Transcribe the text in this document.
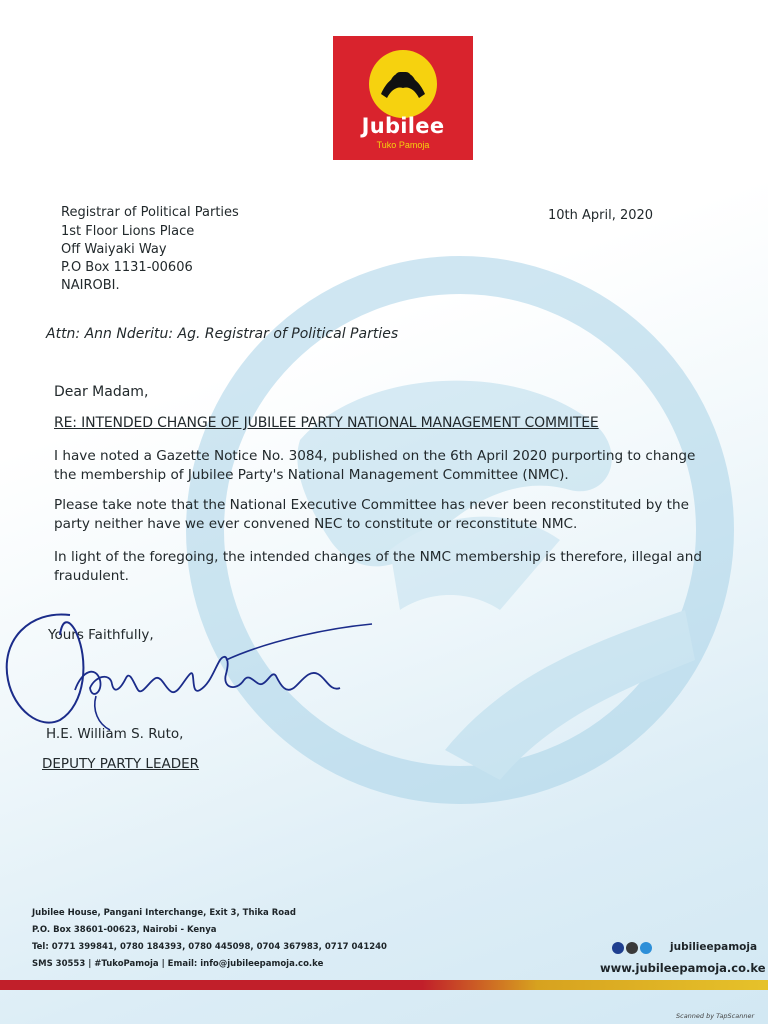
Jubilee
Tuko Pamoja
Registrar of Political Parties
1st Floor Lions Place
Off Waiyaki Way
P.O Box 1131-00606
NAIROBI.
10th April, 2020
Attn: Ann Nderitu: Ag. Registrar of Political Parties
Dear Madam,
RE: INTENDED CHANGE OF JUBILEE PARTY NATIONAL MANAGEMENT COMMITEE
I have noted a Gazette Notice No. 3084, published on the 6th April 2020 purporting to change the membership of Jubilee Party's National Management Committee (NMC).
Please take note that the National Executive Committee has never been reconstituted by the party neither have we ever convened NEC to constitute or reconstitute NMC.
In light of the foregoing, the intended changes of the NMC membership is therefore, illegal and fraudulent.
Yours Faithfully,
H.E. William S. Ruto,
DEPUTY PARTY LEADER
Jubilee House, Pangani Interchange, Exit 3, Thika Road
P.O. Box 38601-00623, Nairobi - Kenya
Tel: 0771 399841, 0780 184393, 0780 445098, 0704 367983, 0717 041240
SMS 30553 | #TukoPamoja | Email: info@jubileepamoja.co.ke
jubilieepamoja
www.jubileepamoja.co.ke
Scanned by TapScanner
